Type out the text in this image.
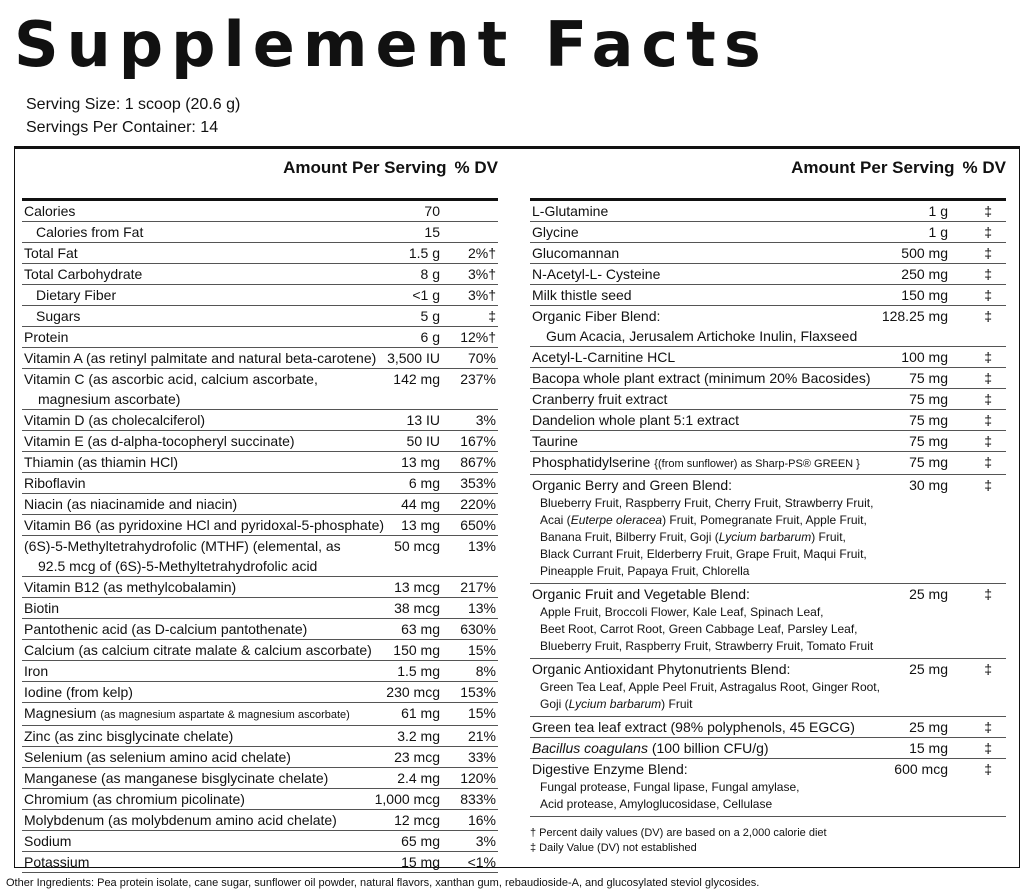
Supplement Facts
Serving Size: 1 scoop (20.6 g)
Servings Per Container: 14
Amount Per Serving % DV
Calories	70
Calories from Fat	15
Total Fat	1.5 g 2%†
Total Carbohydrate	8 g 3%†
Dietary Fiber	<1 g 3%†
Sugars	5 g	‡
Protein	6 g 12%†
Vitamin A (as retinyl palmitate and natural beta-carotene) 3,500 IU 70%
Vitamin C (as ascorbic acid, calcium ascorbate,
magnesium ascorbate)
142 mg 237%
Vitamin D (as cholecalciferol)	13 IU	3%
Vitamin E (as d-alpha-tocopheryl succinate)	50 IU 167%
Thiamin (as thiamin HCl)	13 mg 867%
Riboflavin	6 mg 353%
Niacin (as niacinamide and niacin)	44 mg 220%
Vitamin B6 (as pyridoxine HCl and pyridoxal-5-phosphate)	13 mg 650%
(6S)-5-Methyltetrahydrofolic (MTHF) (elemental, as
92.5 mcg of (6S)-5-Methyltetrahydrofolic acid
50 mcg 13%
Vitamin B12 (as methylcobalamin)	13 mcg 217%
Biotin	38 mcg 13%
Pantothenic acid (as D-calcium pantothenate)	63 mg 630%
Calcium (as calcium citrate malate & calcium ascorbate)	150 mg 15%
Iron	1.5 mg	8%
Iodine (from kelp)	230 mcg 153%
Magnesium (as magnesium aspartate & magnesium ascorbate)	61 mg 15%
Zinc (as zinc bisglycinate chelate)	3.2 mg 21%
Selenium (as selenium amino acid chelate)	23 mcg 33%
Manganese (as manganese bisglycinate chelate)	2.4 mg 120%
Chromium (as chromium picolinate)	1,000 mcg 833%
Molybdenum (as molybdenum amino acid chelate)	12 mcg 16%
Sodium	65 mg	3%
Potassium	15 mg <1%
Amount Per Serving % DV
L-Glutamine	1 g	‡
Glycine	1 g	‡
Glucomannan	500 mg	‡
N-Acetyl-L- Cysteine	250 mg	‡
Milk thistle seed	150 mg	‡
Organic Fiber Blend:
Gum Acacia, Jerusalem Artichoke Inulin, Flaxseed
128.25 mg	‡
Acetyl-L-Carnitine HCL	100 mg	‡
Bacopa whole plant extract (minimum 20% Bacosides)	75 mg	‡
Cranberry fruit extract	75 mg	‡
Dandelion whole plant 5:1 extract	75 mg	‡
Taurine	75 mg	‡
Phosphatidylserine {(from sunflower) as Sharp-PS® GREEN }	75 mg	‡
Organic Berry and Green Blend:
Blueberry Fruit, Raspberry Fruit, Cherry Fruit, Strawberry Fruit,
Acai (Euterpe oleracea) Fruit, Pomegranate Fruit, Apple Fruit,
Banana Fruit, Bilberry Fruit, Goji (Lycium barbarum) Fruit,
Black Currant Fruit, Elderberry Fruit, Grape Fruit, Maqui Fruit,
Pineapple Fruit, Papaya Fruit, Chlorella
30 mg	‡
Organic Fruit and Vegetable Blend:
Apple Fruit, Broccoli Flower, Kale Leaf, Spinach Leaf,
Beet Root, Carrot Root, Green Cabbage Leaf, Parsley Leaf,
Blueberry Fruit, Raspberry Fruit, Strawberry Fruit, Tomato Fruit
25 mg	‡
Organic Antioxidant Phytonutrients Blend:
Green Tea Leaf, Apple Peel Fruit, Astragalus Root, Ginger Root,
Goji (Lycium barbarum) Fruit
25 mg	‡
Green tea leaf extract (98% polyphenols, 45 EGCG)	25 mg	‡
Bacillus coagulans (100 billion CFU/g)	15 mg	‡
Digestive Enzyme Blend:
Fungal protease, Fungal lipase, Fungal amylase,
Acid protease, Amyloglucosidase, Cellulase
600 mcg	‡
† Percent daily values (DV) are based on a 2,000 calorie diet
‡ Daily Value (DV) not established
Other Ingredients: Pea protein isolate, cane sugar, sunflower oil powder, natural flavors, xanthan gum, rebaudioside-A, and glucosylated steviol glycosides.
